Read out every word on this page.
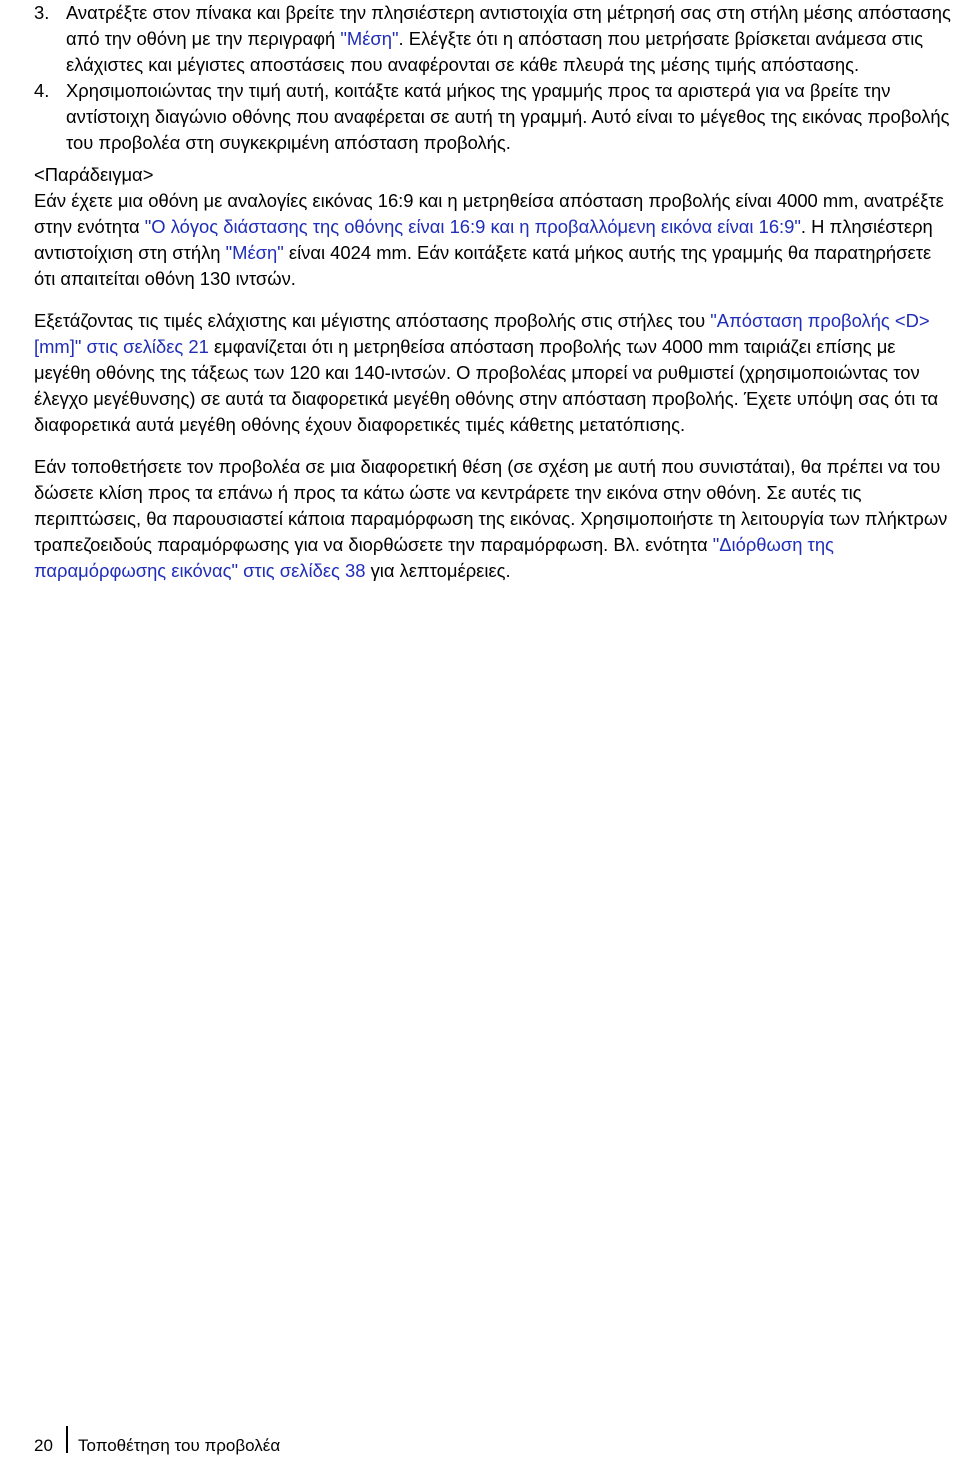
3. Ανατρέξτε στον πίνακα και βρείτε την πλησιέστερη αντιστοιχία στη μέτρησή σας στη στήλη μέσης απόστασης από την οθόνη με την περιγραφή "Μέση". Ελέγξτε ότι η απόσταση που μετρήσατε βρίσκεται ανάμεσα στις ελάχιστες και μέγιστες αποστάσεις που αναφέρονται σε κάθε πλευρά της μέσης τιμής απόστασης.

4. Χρησιμοποιώντας την τιμή αυτή, κοιτάξτε κατά μήκος της γραμμής προς τα αριστερά για να βρείτε την αντίστοιχη διαγώνιο οθόνης που αναφέρεται σε αυτή τη γραμμή. Αυτό είναι το μέγεθος της εικόνας προβολής του προβολέα στη συγκεκριμένη απόσταση προβολής.

<Παράδειγμα>

Εάν έχετε μια οθόνη με αναλογίες εικόνας 16:9 και η μετρηθείσα απόσταση προβολής είναι 4000 mm, ανατρέξτε στην ενότητα "Ο λόγος διάστασης της οθόνης είναι 16:9 και η προβαλλόμενη εικόνα είναι 16:9". Η πλησιέστερη αντιστοίχιση στη στήλη "Μέση" είναι 4024 mm. Εάν κοιτάξετε κατά μήκος αυτής της γραμμής θα παρατηρήσετε ότι απαιτείται οθόνη 130 ιντσών.

Εξετάζοντας τις τιμές ελάχιστης και μέγιστης απόστασης προβολής στις στήλες του "Απόσταση προβολής <D> [mm]" στις σελίδες 21 εμφανίζεται ότι η μετρηθείσα απόσταση προβολής των 4000 mm ταιριάζει επίσης με μεγέθη οθόνης της τάξεως των 120 και 140-ιντσών. Ο προβολέας μπορεί να ρυθμιστεί (χρησιμοποιώντας τον έλεγχο μεγέθυνσης) σε αυτά τα διαφορετικά μεγέθη οθόνης στην απόσταση προβολής. Έχετε υπόψη σας ότι τα διαφορετικά αυτά μεγέθη οθόνης έχουν διαφορετικές τιμές κάθετης μετατόπισης.

Εάν τοποθετήσετε τον προβολέα σε μια διαφορετική θέση (σε σχέση με αυτή που συνιστάται), θα πρέπει να του δώσετε κλίση προς τα επάνω ή προς τα κάτω ώστε να κεντράρετε την εικόνα στην οθόνη. Σε αυτές τις περιπτώσεις, θα παρουσιαστεί κάποια παραμόρφωση της εικόνας. Χρησιμοποιήστε τη λειτουργία των πλήκτρων τραπεζοειδούς παραμόρφωσης για να διορθώσετε την παραμόρφωση. Βλ. ενότητα "Διόρθωση της παραμόρφωσης εικόνας" στις σελίδες 38 για λεπτομέρειες.

20 Τοποθέτηση του προβολέα
